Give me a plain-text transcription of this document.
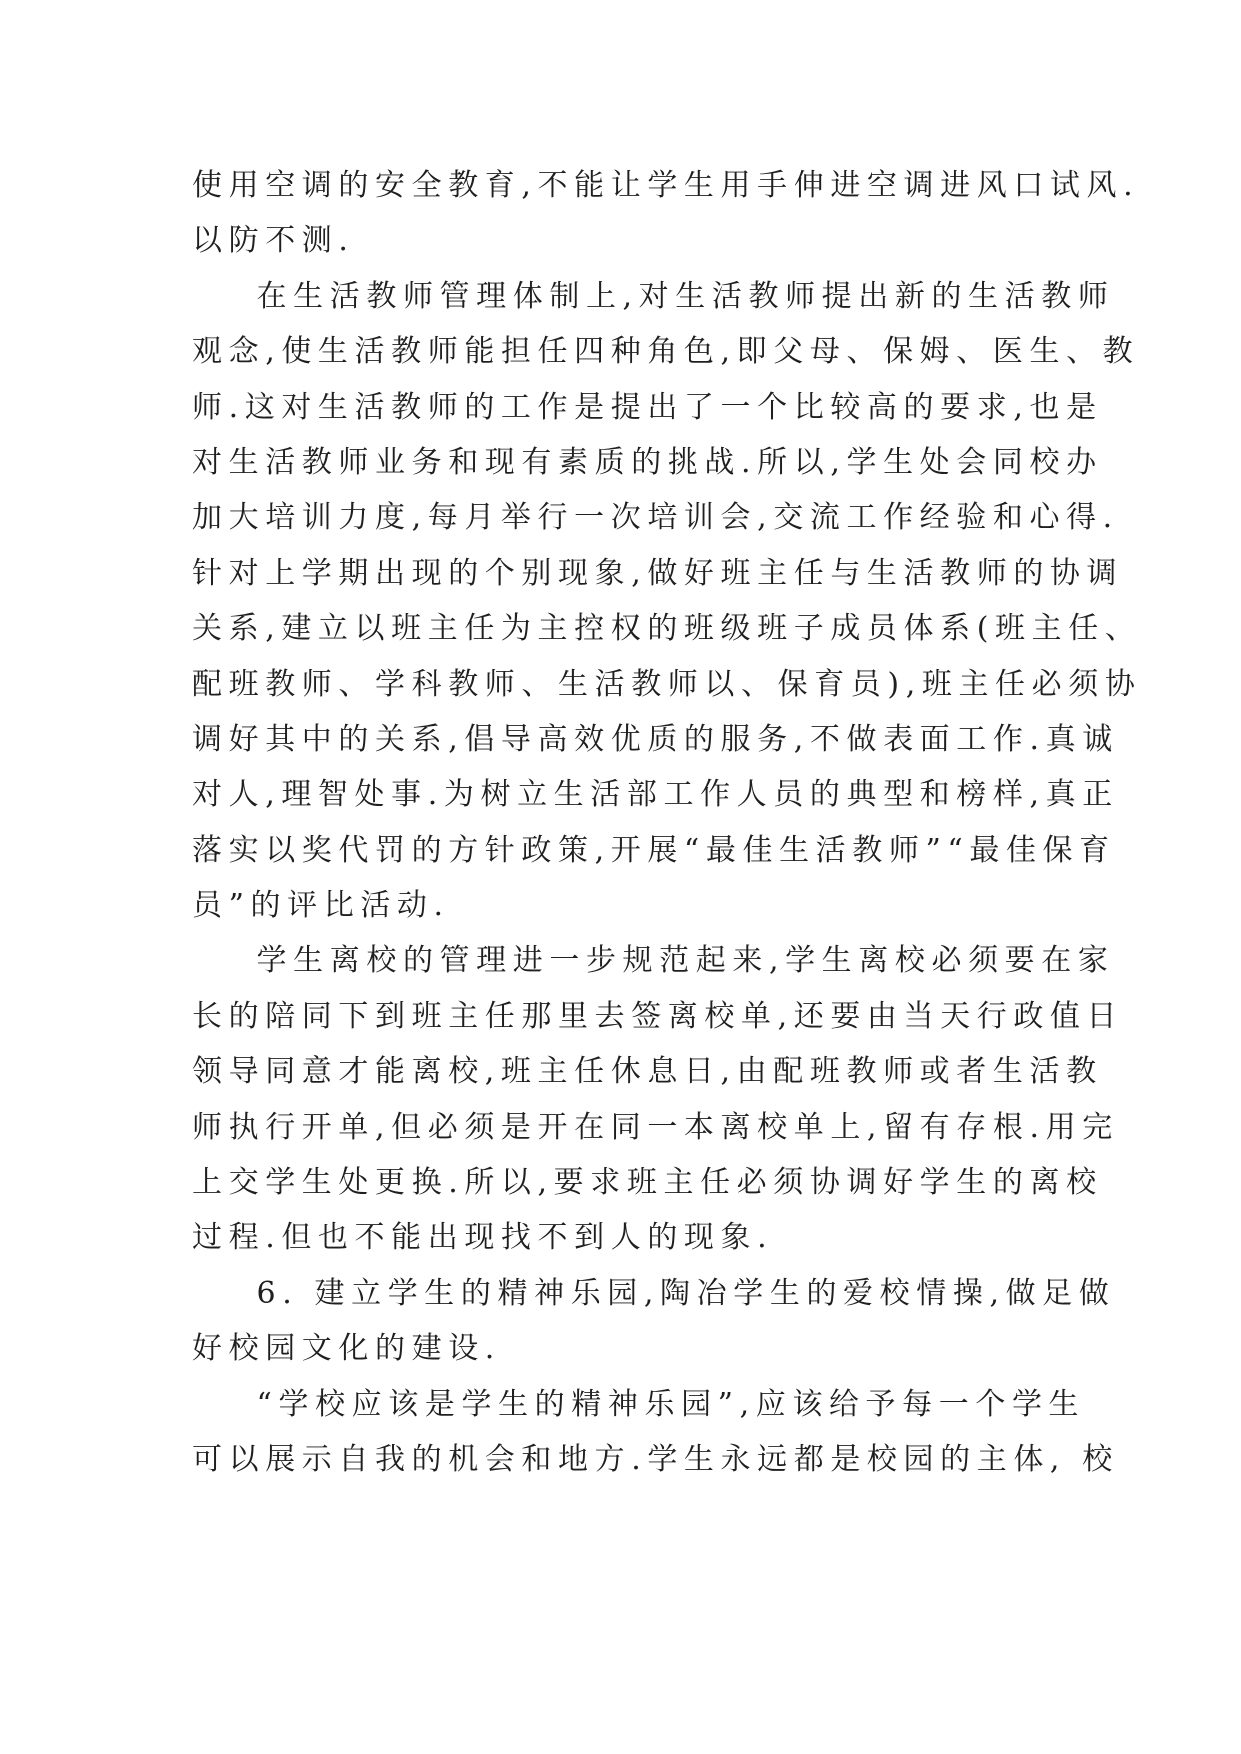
使用空调的安全教育,不能让学生用手伸进空调进风口试风.
以防不测.
在生活教师管理体制上,对生活教师提出新的生活教师
观念,使生活教师能担任四种角色,即父母、保姆、医生、教
师.这对生活教师的工作是提出了一个比较高的要求,也是
对生活教师业务和现有素质的挑战.所以,学生处会同校办
加大培训力度,每月举行一次培训会,交流工作经验和心得.
针对上学期出现的个别现象,做好班主任与生活教师的协调
关系,建立以班主任为主控权的班级班子成员体系(班主任、
配班教师、学科教师、生活教师以、保育员),班主任必须协
调好其中的关系,倡导高效优质的服务,不做表面工作.真诚
对人,理智处事.为树立生活部工作人员的典型和榜样,真正
落实以奖代罚的方针政策,开展“最佳生活教师”“最佳保育
员”的评比活动.
学生离校的管理进一步规范起来,学生离校必须要在家
长的陪同下到班主任那里去签离校单,还要由当天行政值日
领导同意才能离校,班主任休息日,由配班教师或者生活教
师执行开单,但必须是开在同一本离校单上,留有存根.用完
上交学生处更换.所以,要求班主任必须协调好学生的离校
过程.但也不能出现找不到人的现象.
6. 建立学生的精神乐园,陶冶学生的爱校情操,做足做
好校园文化的建设.
“学校应该是学生的精神乐园”,应该给予每一个学生
可以展示自我的机会和地方.学生永远都是校园的主体, 校
